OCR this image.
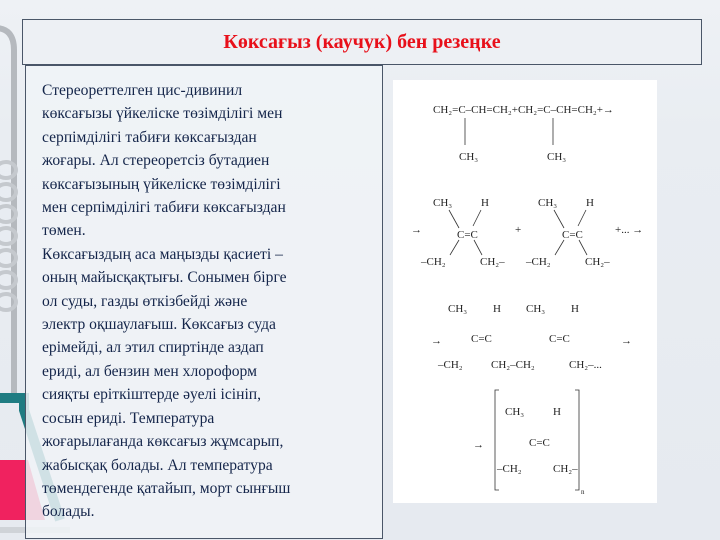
Көксағыз (каучук) бен резеңке
Стереореттелген цис-дивинил
көксағызы үйкеліске төзімділігі мен
серпімділігі табиғи көксағыздан
жоғары. Ал стереоретсіз бутадиен
көксағызының үйкеліске төзімділігі
мен серпімділігі табиғи көксағыздан
төмен.
Көксағыздың аса маңызды қасиеті –
оның майысқақтығы. Сонымен бірге
ол суды, газды өткізбейді және
электр оқшаулағыш. Көксағыз суда
ерімейді, ал этил спиртінде аздап
ериді, ал бензин мен хлороформ
сияқты еріткіштерде әуелі ісініп,
сосын ериді. Температура
жоғарылағанда көксағыз жұмсарып,
жабысқақ болады. Ал температура
төмендегенде қатайып, морт сынғыш
болады.
CH₂=C–CH=CH₂+CH₂=C–CH=CH₂+→
CH₃	CH₃
→
CH₃	H
C=C
–CH₂	CH₂–
+
CH₃	H
C=C
–CH₂	CH₂–
+... →
→
CH₃ H
C=C
–CH₂	CH₂–CH₂
CH₃ H
C=C
CH₂–...
→
→
CH₃	H
C=C
–CH₂	CH₂–
n
